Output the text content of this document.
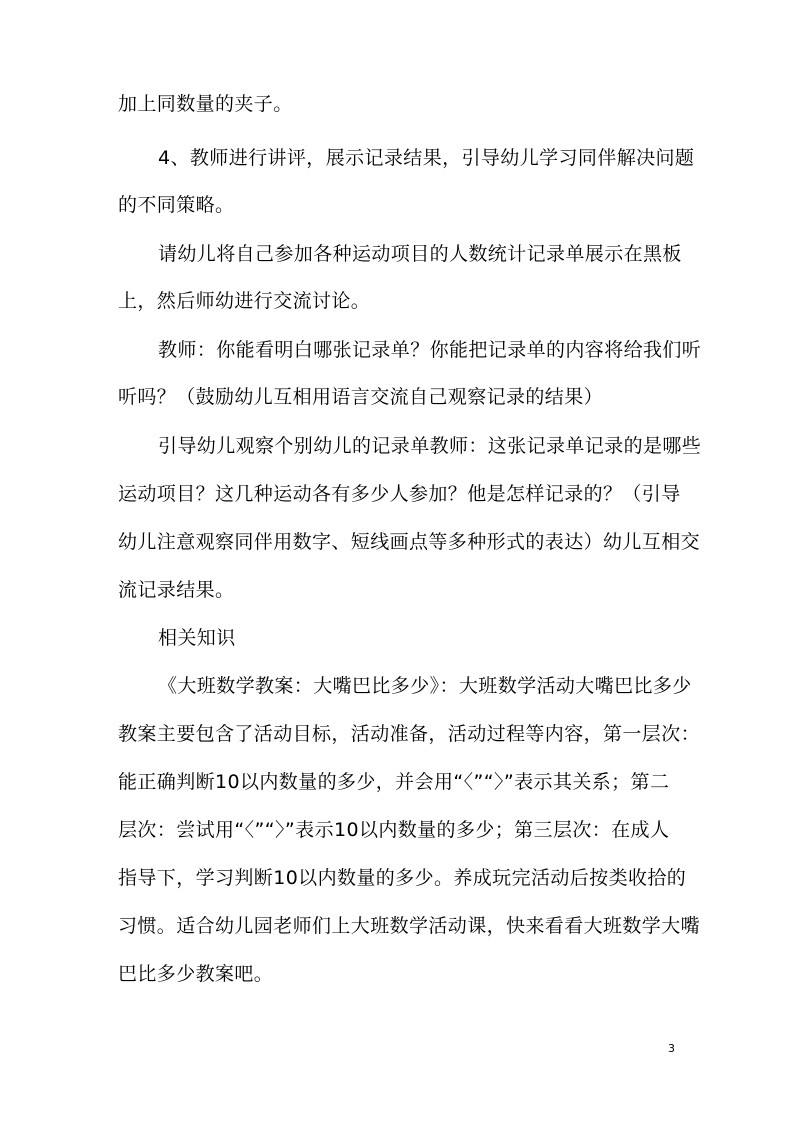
加上同数量的夹子。
4、教师进行讲评，展示记录结果，引导幼儿学习同伴解决问题
的不同策略。
请幼儿将自己参加各种运动项目的人数统计记录单展示在黑板
上，然后师幼进行交流讨论。
教师：你能看明白哪张记录单？你能把记录单的内容将给我们听
听吗？（鼓励幼儿互相用语言交流自己观察记录的结果）
引导幼儿观察个别幼儿的记录单教师：这张记录单记录的是哪些
运动项目？这几种运动各有多少人参加？他是怎样记录的？（引导
幼儿注意观察同伴用数字、短线画点等多种形式的表达）幼儿互相交
流记录结果。
相关知识
《大班数学教案：大嘴巴比多少》：大班数学活动大嘴巴比多少
教案主要包含了活动目标，活动准备，活动过程等内容，第一层次：
能正确判断10以内数量的多少，并会用“〈”“〉”表示其关系；第二
层次：尝试用“〈”“〉”表示10以内数量的多少；第三层次：在成人
指导下，学习判断10以内数量的多少。养成玩完活动后按类收拾的
习惯。适合幼儿园老师们上大班数学活动课，快来看看大班数学大嘴
巴比多少教案吧。
3
